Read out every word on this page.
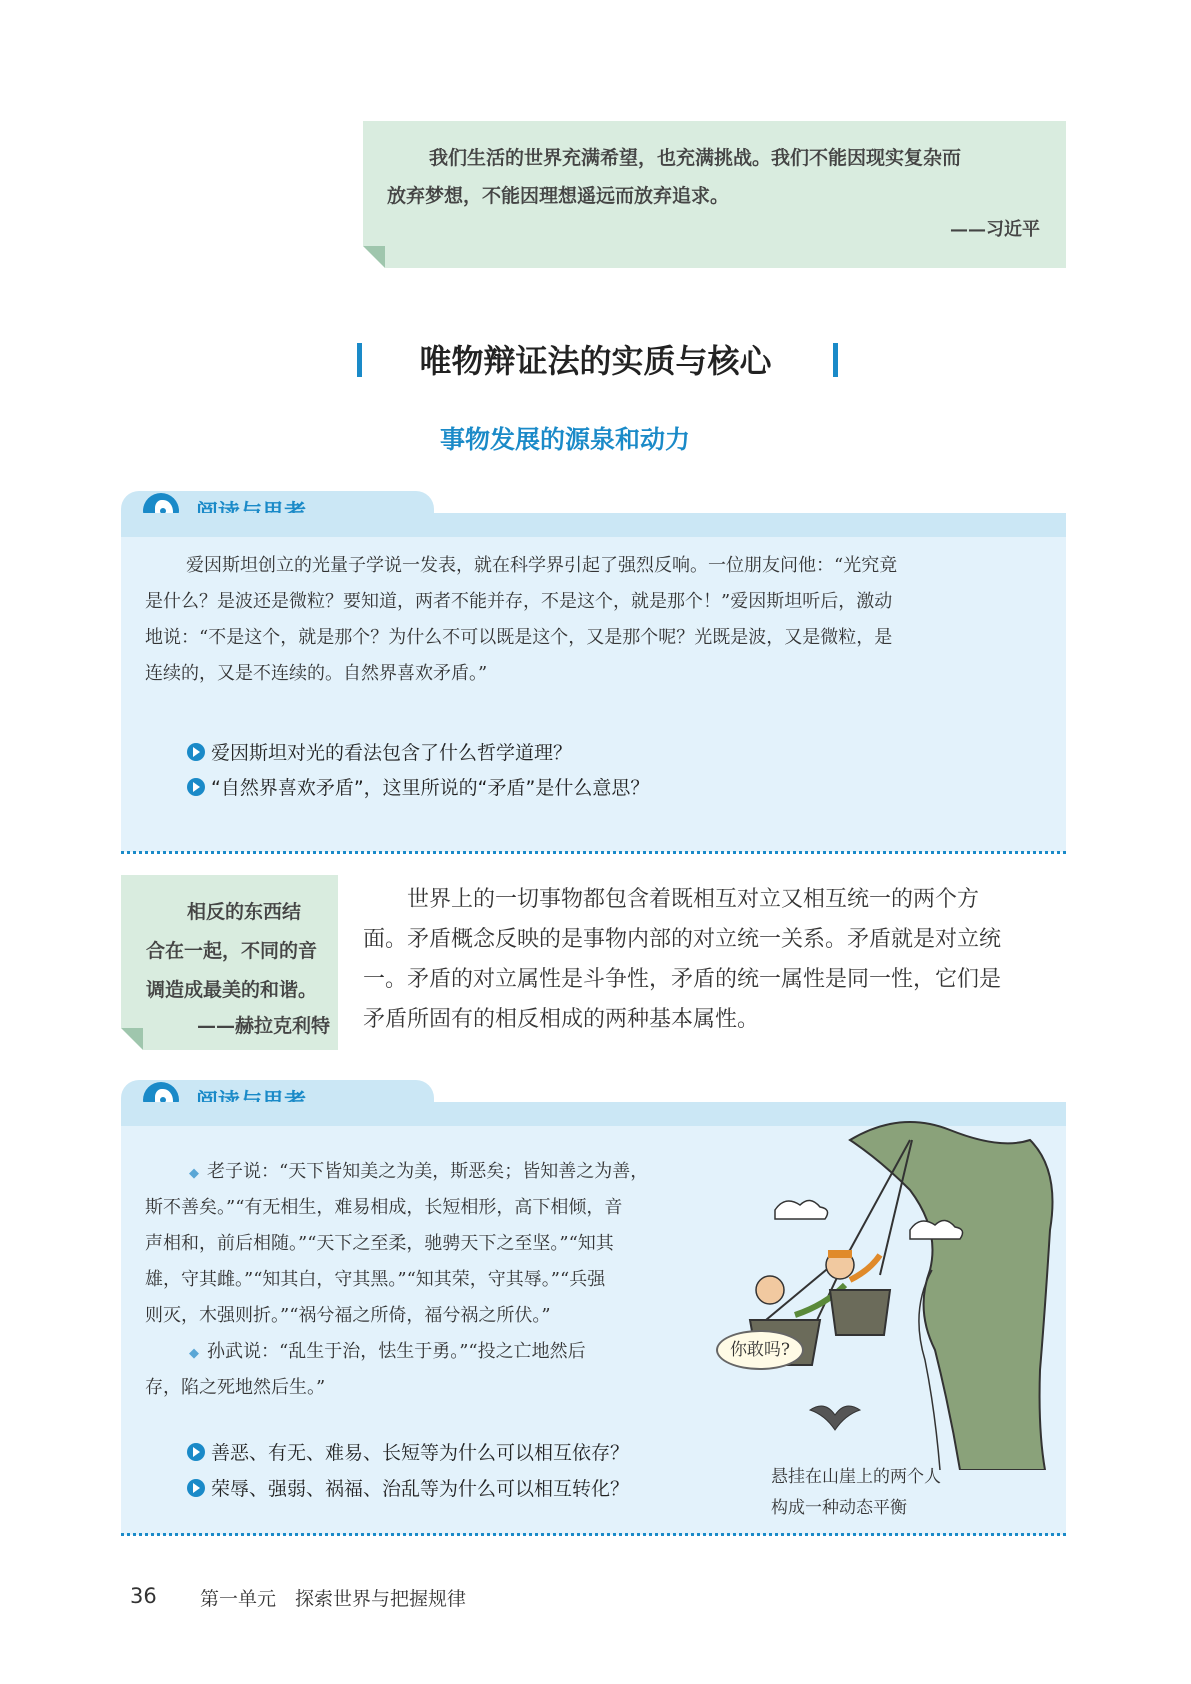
我们生活的世界充满希望，也充满挑战。我们不能因现实复杂而

放弃梦想，不能因理想遥远而放弃追求。

——习近平
唯物辩证法的实质与核心
事物发展的源泉和动力
爱因斯坦创立的光量子学说一发表，就在科学界引起了强烈反响。一位朋友问他：“光究竟
是什么？是波还是微粒？要知道，两者不能并存，不是这个，就是那个！”爱因斯坦听后，激动
地说：“不是这个，就是那个？为什么不可以既是这个，又是那个呢？光既是波，又是微粒，是
连续的，又是不连续的。自然界喜欢矛盾。”
爱因斯坦对光的看法包含了什么哲学道理？
“自然界喜欢矛盾”，这里所说的“矛盾”是什么意思？
相反的东西结
合在一起，不同的音
调造成最美的和谐。
——赫拉克利特
世界上的一切事物都包含着既相互对立又相互统一的两个方
面。矛盾概念反映的是事物内部的对立统一关系。矛盾就是对立统
一。矛盾的对立属性是斗争性，矛盾的统一属性是同一性，它们是
矛盾所固有的相反相成的两种基本属性。
◆ 老子说：“天下皆知美之为美，斯恶矣；皆知善之为善，
斯不善矣。”“有无相生，难易相成，长短相形，高下相倾，音
声相和，前后相随。”“天下之至柔，驰骋天下之至坚。”“知其
雄，守其雌。”“知其白，守其黑。”“知其荣，守其辱。”“兵强
则灭，木强则折。”“祸兮福之所倚，福兮祸之所伏。”
◆ 孙武说：“乱生于治，怯生于勇。”“投之亡地然后
存，陷之死地然后生。”
善恶、有无、难易、长短等为什么可以相互依存？
荣辱、强弱、祸福、治乱等为什么可以相互转化？
你敢吗?
悬挂在山崖上的两个人
构成一种动态平衡
36 第一单元　探索世界与把握规律
